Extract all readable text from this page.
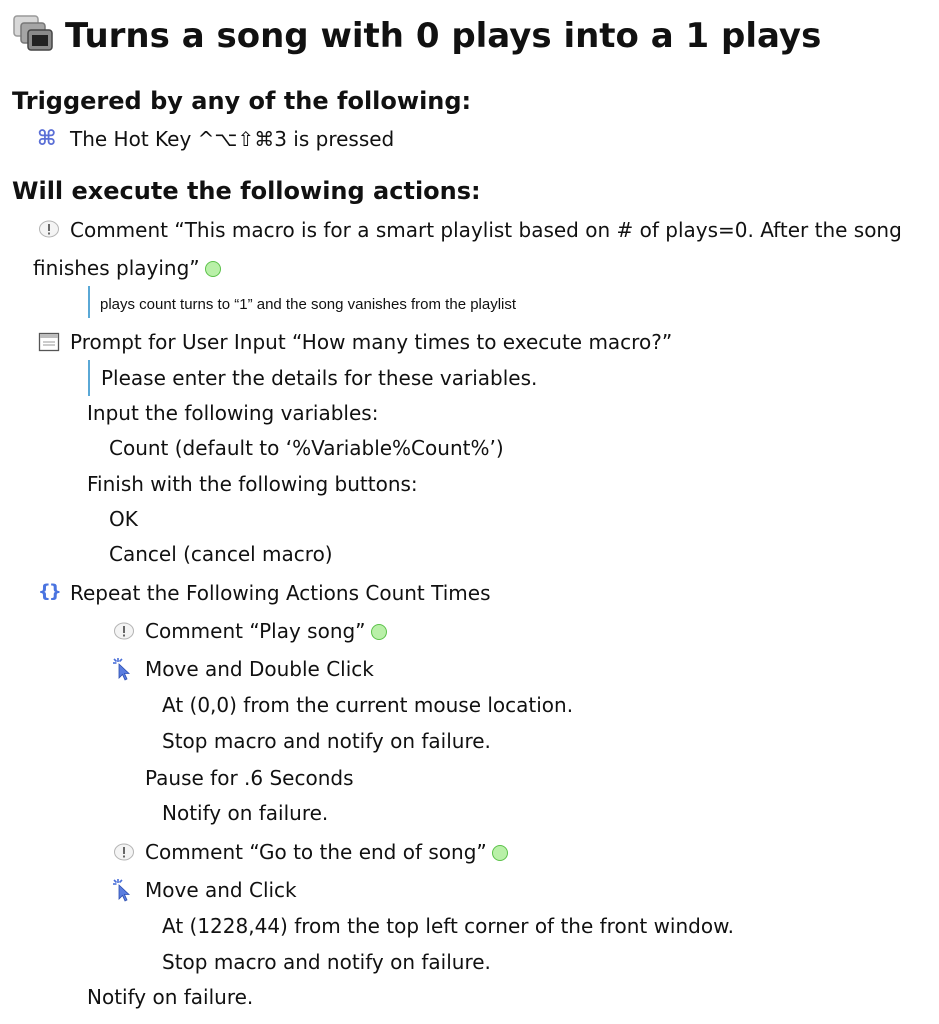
Turns a song with 0 plays into a 1 plays
Triggered by any of the following:
⌘ The Hot Key ^⌥⇧⌘3 is pressed
Will execute the following actions:
Comment “This macro is for a smart playlist based on # of plays=0. After the song
finishes playing”
plays count turns to “1” and the song vanishes from the playlist
Prompt for User Input “How many times to execute macro?”
Please enter the details for these variables.
Input the following variables:
Count (default to ‘%Variable%Count%’)
Finish with the following buttons:
OK
Cancel (cancel macro)
{} Repeat the Following Actions Count Times
Comment “Play song”
Move and Double Click
At (0,0) from the current mouse location.
Stop macro and notify on failure.
Pause for .6 Seconds
Notify on failure.
Comment “Go to the end of song”
Move and Click
At (1228,44) from the top left corner of the front window.
Stop macro and notify on failure.
Notify on failure.
